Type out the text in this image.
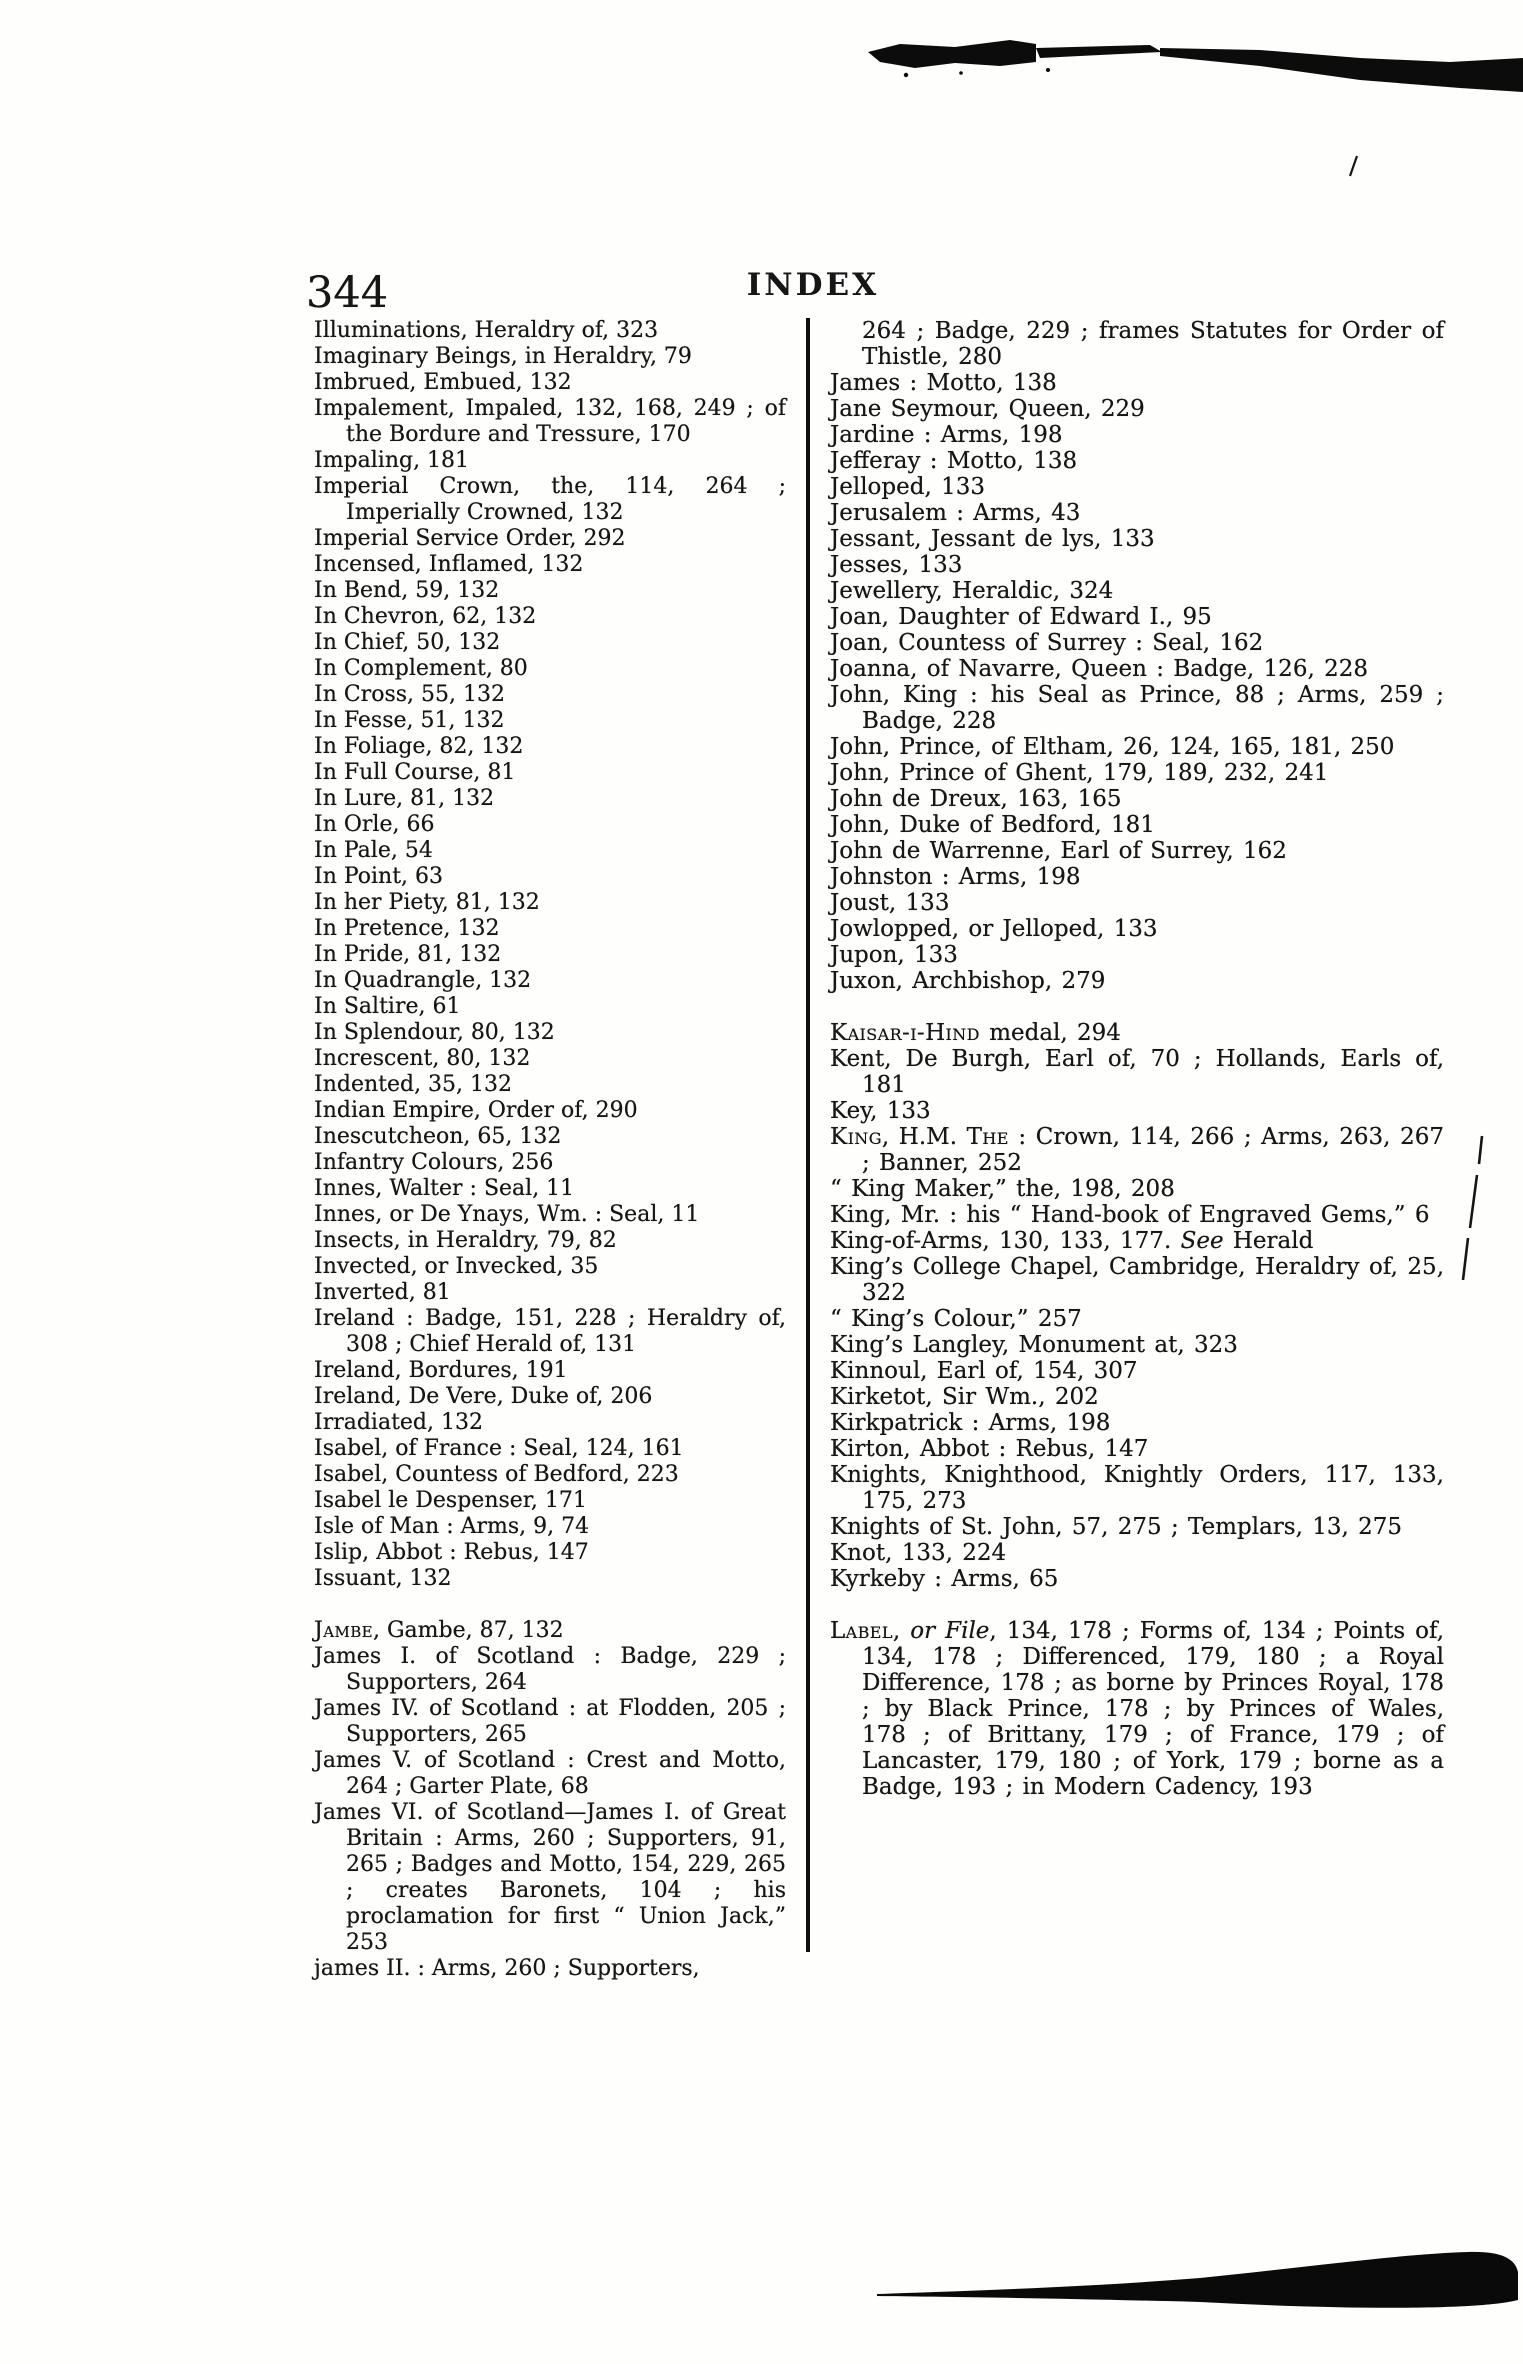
344	INDEX
Illuminations, Heraldry of, 323
Imaginary Beings, in Heraldry, 79
Imbrued, Embued, 132
Impalement, Impaled, 132, 168, 249 ; of the Bordure and Tressure, 170
Impaling, 181
Imperial Crown, the, 114, 264 ; Imperially Crowned, 132
Imperial Service Order, 292
Incensed, Inflamed, 132
In Bend, 59, 132
In Chevron, 62, 132
In Chief, 50, 132
In Complement, 80
In Cross, 55, 132
In Fesse, 51, 132
In Foliage, 82, 132
In Full Course, 81
In Lure, 81, 132
In Orle, 66
In Pale, 54
In Point, 63
In her Piety, 81, 132
In Pretence, 132
In Pride, 81, 132
In Quadrangle, 132
In Saltire, 61
In Splendour, 80, 132
Increscent, 80, 132
Indented, 35, 132
Indian Empire, Order of, 290
Inescutcheon, 65, 132
Infantry Colours, 256
Innes, Walter : Seal, 11
Innes, or De Ynays, Wm. : Seal, 11
Insects, in Heraldry, 79, 82
Invected, or Invecked, 35
Inverted, 81
Ireland : Badge, 151, 228 ; Heraldry of, 308 ; Chief Herald of, 131
Ireland, Bordures, 191
Ireland, De Vere, Duke of, 206
Irradiated, 132
Isabel, of France : Seal, 124, 161
Isabel, Countess of Bedford, 223
Isabel le Despenser, 171
Isle of Man : Arms, 9, 74
Islip, Abbot : Rebus, 147
Issuant, 132
Jambe, Gambe, 87, 132
James I. of Scotland : Badge, 229 ; Supporters, 264
James IV. of Scotland : at Flodden, 205 ; Supporters, 265
James V. of Scotland : Crest and Motto, 264 ; Garter Plate, 68
James VI. of Scotland—James I. of Great Britain : Arms, 260 ; Supporters, 91, 265 ; Badges and Motto, 154, 229, 265 ; creates Baronets, 104 ; his proclamation for first “ Union Jack,” 253
james II. : Arms, 260 ; Supporters,
264 ; Badge, 229 ; frames Statutes for Order of Thistle, 280
James : Motto, 138
Jane Seymour, Queen, 229
Jardine : Arms, 198
Jefferay : Motto, 138
Jelloped, 133
Jerusalem : Arms, 43
Jessant, Jessant de lys, 133
Jesses, 133
Jewellery, Heraldic, 324
Joan, Daughter of Edward I., 95
Joan, Countess of Surrey : Seal, 162
Joanna, of Navarre, Queen : Badge, 126, 228
John, King : his Seal as Prince, 88 ; Arms, 259 ; Badge, 228
John, Prince, of Eltham, 26, 124, 165, 181, 250
John, Prince of Ghent, 179, 189, 232, 241
John de Dreux, 163, 165
John, Duke of Bedford, 181
John de Warrenne, Earl of Surrey, 162
Johnston : Arms, 198
Joust, 133
Jowlopped, or Jelloped, 133
Jupon, 133
Juxon, Archbishop, 279
Kaisar-i-Hind medal, 294
Kent, De Burgh, Earl of, 70 ; Hollands, Earls of, 181
Key, 133
King, H.M. The : Crown, 114, 266 ; Arms, 263, 267 ; Banner, 252
“ King Maker,” the, 198, 208
King, Mr. : his “ Hand-book of Engraved Gems,” 6
King-of-Arms, 130, 133, 177. See Herald
King’s College Chapel, Cambridge, Heraldry of, 25, 322
“ King’s Colour,” 257
King’s Langley, Monument at, 323
Kinnoul, Earl of, 154, 307
Kirketot, Sir Wm., 202
Kirkpatrick : Arms, 198
Kirton, Abbot : Rebus, 147
Knights, Knighthood, Knightly Orders, 117, 133, 175, 273
Knights of St. John, 57, 275 ; Templars, 13, 275
Knot, 133, 224
Kyrkeby : Arms, 65
Label, or File, 134, 178 ; Forms of, 134 ; Points of, 134, 178 ; Differenced, 179, 180 ; a Royal Difference, 178 ; as borne by Princes Royal, 178 ; by Black Prince, 178 ; by Princes of Wales, 178 ; of Brittany, 179 ; of France, 179 ; of Lancaster, 179, 180 ; of York, 179 ; borne as a Badge, 193 ; in Modern Cadency, 193
